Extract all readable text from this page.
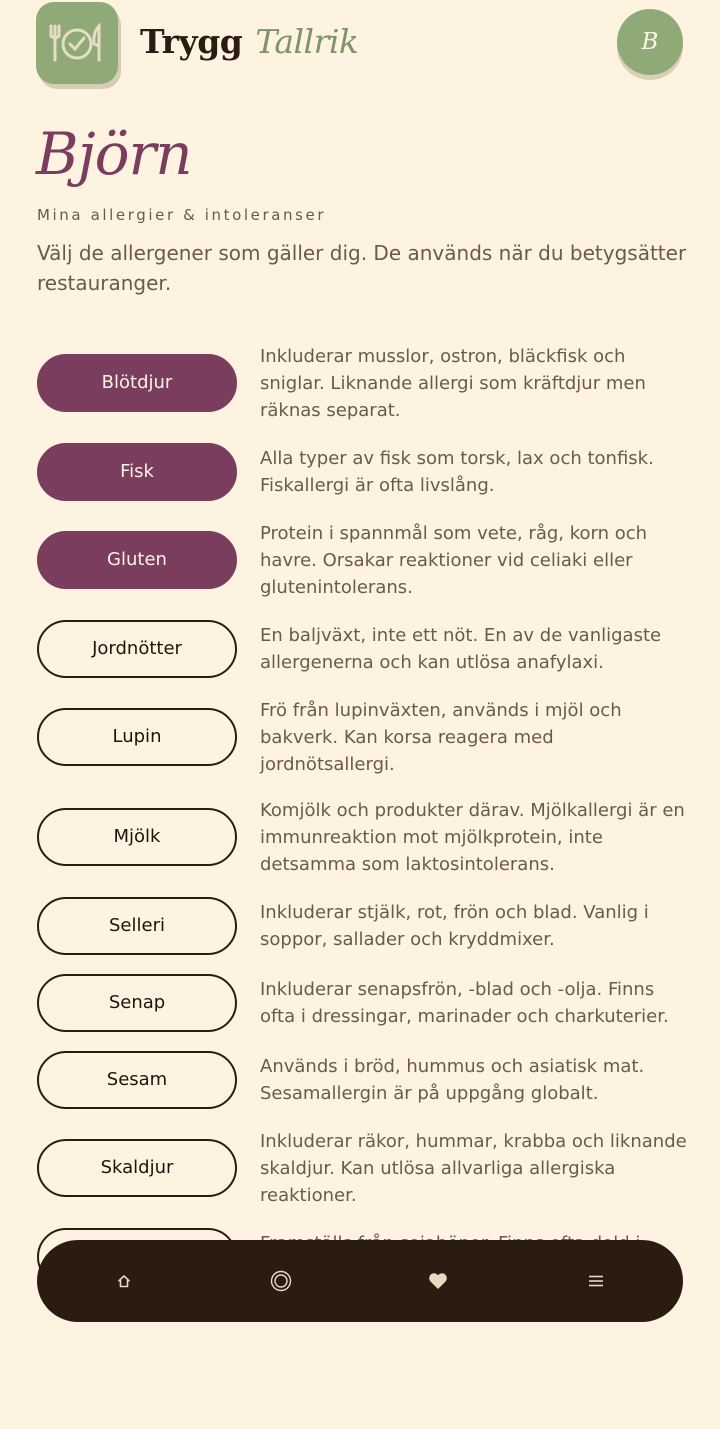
Trygg Tallrik	B
Björn
Mina allergier & intoleranser
Välj de allergener som gäller dig. De används när du betygsätter restauranger.
Blötdjur
Inkluderar musslor, ostron, bläckfisk och sniglar. Liknande allergi som kräftdjur men räknas separat.
Fisk
Alla typer av fisk som torsk, lax och tonfisk. Fiskallergi är ofta livslång.
Gluten
Protein i spannmål som vete, råg, korn och havre. Orsakar reaktioner vid celiaki eller glutenintolerans.
Jordnötter
En baljväxt, inte ett nöt. En av de vanligaste allergenerna och kan utlösa anafylaxi.
Lupin
Frö från lupinväxten, används i mjöl och bakverk. Kan korsa reagera med jordnötsallergi.
Mjölk
Komjölk och produkter därav. Mjölkallergi är en immunreaktion mot mjölkprotein, inte detsamma som laktosintolerans.
Selleri
Inkluderar stjälk, rot, frön och blad. Vanlig i soppor, sallader och kryddmixer.
Senap
Inkluderar senapsfrön, -blad och -olja. Finns ofta i dressingar, marinader och charkuterier.
Sesam
Används i bröd, hummus och asiatisk mat. Sesamallergin är på uppgång globalt.
Skaldjur
Inkluderar räkor, hummar, krabba och liknande skaldjur. Kan utlösa allvarliga allergiska reaktioner.
